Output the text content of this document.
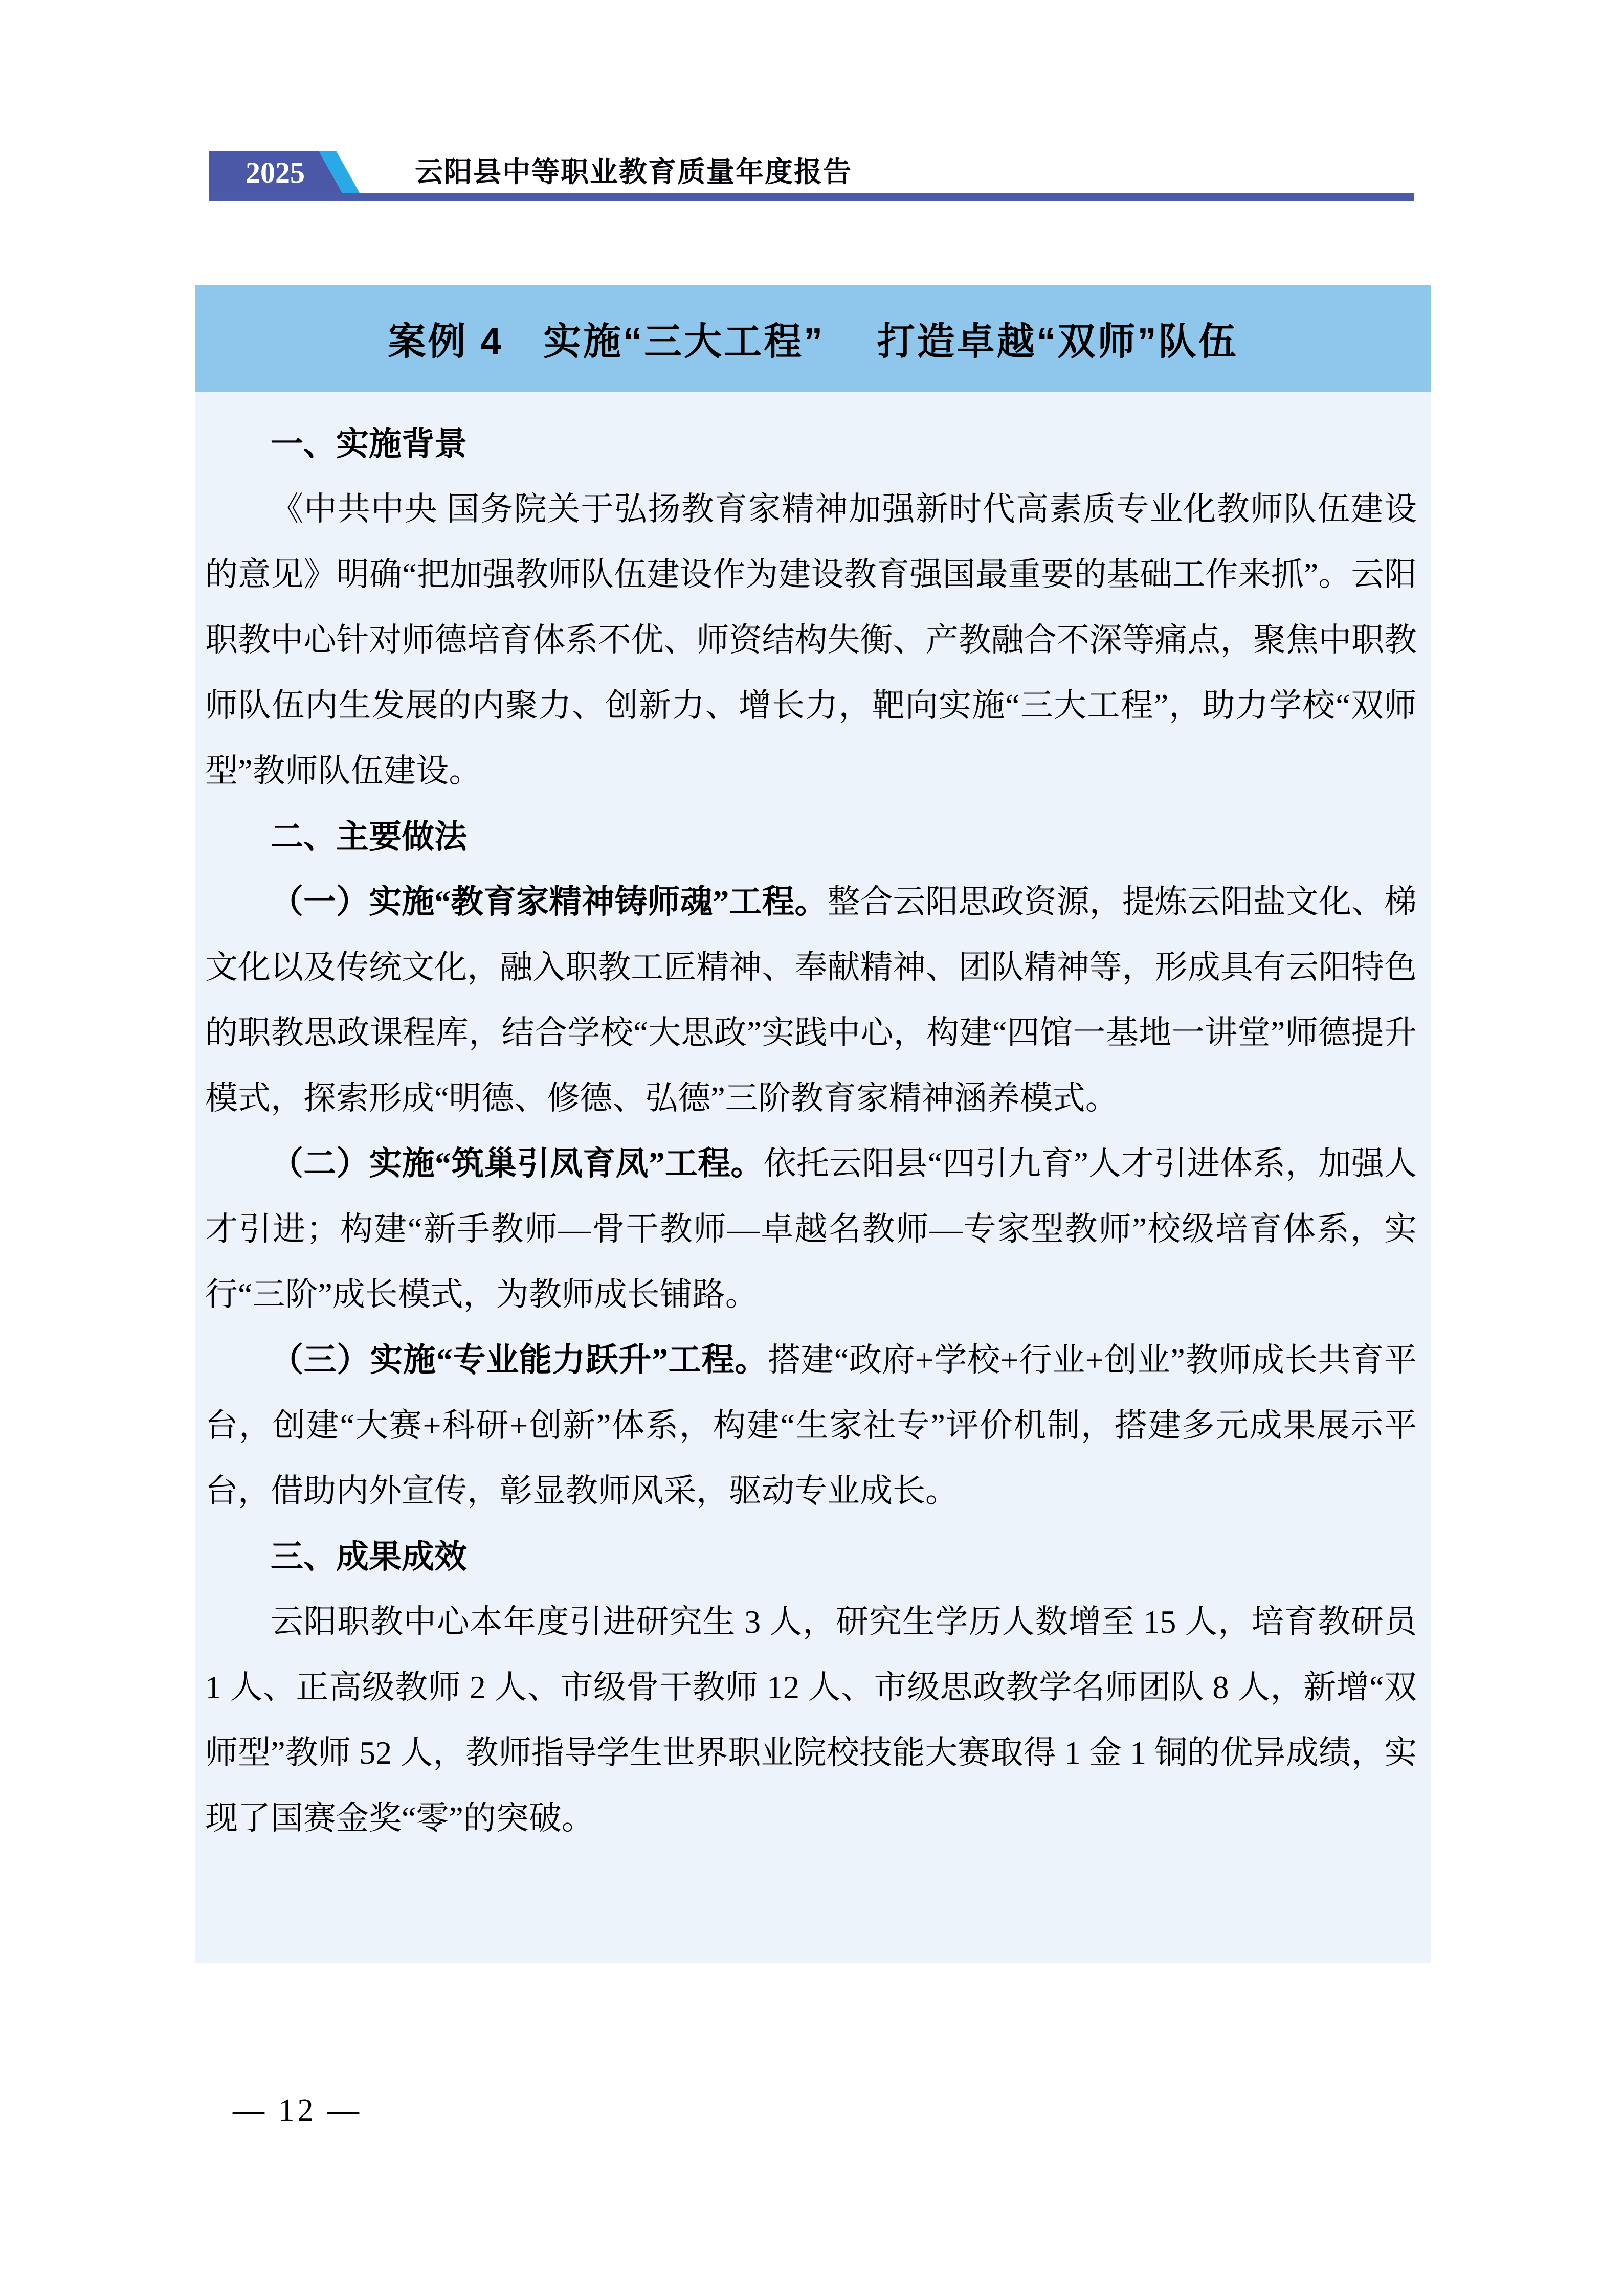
2025	云阳县中等职业教育质量年度报告
案例 4　实施“三大工程”　 打造卓越“双师”队伍
一、实施背景

《中共中央 国务院关于弘扬教育家精神加强新时代高素质专业化教师队伍建设的意见》明确“把加强教师队伍建设作为建设教育强国最重要的基础工作来抓”。云阳职教中心针对师德培育体系不优、师资结构失衡、产教融合不深等痛点，聚焦中职教师队伍内生发展的内聚力、创新力、增长力，靶向实施“三大工程”，助力学校“双师型”教师队伍建设。

二、主要做法

（一）实施“教育家精神铸师魂”工程。整合云阳思政资源，提炼云阳盐文化、梯文化以及传统文化，融入职教工匠精神、奉献精神、团队精神等，形成具有云阳特色的职教思政课程库，结合学校“大思政”实践中心，构建“四馆一基地一讲堂”师德提升模式，探索形成“明德、修德、弘德”三阶教育家精神涵养模式。

（二）实施“筑巢引凤育凤”工程。依托云阳县“四引九育”人才引进体系，加强人才引进；构建“新手教师—骨干教师—卓越名教师—专家型教师”校级培育体系，实行“三阶”成长模式，为教师成长铺路。

（三）实施“专业能力跃升”工程。搭建“政府+学校+行业+创业”教师成长共育平台，创建“大赛+科研+创新”体系，构建“生家社专”评价机制，搭建多元成果展示平台，借助内外宣传，彰显教师风采，驱动专业成长。

三、成果成效

云阳职教中心本年度引进研究生 3 人，研究生学历人数增至 15 人，培育教研员 1 人、正高级教师 2 人、市级骨干教师 12 人、市级思政教学名师团队 8 人，新增“双师型”教师 52 人，教师指导学生世界职业院校技能大赛取得 1 金 1 铜的优异成绩，实现了国赛金奖“零”的突破。

— 12 —
